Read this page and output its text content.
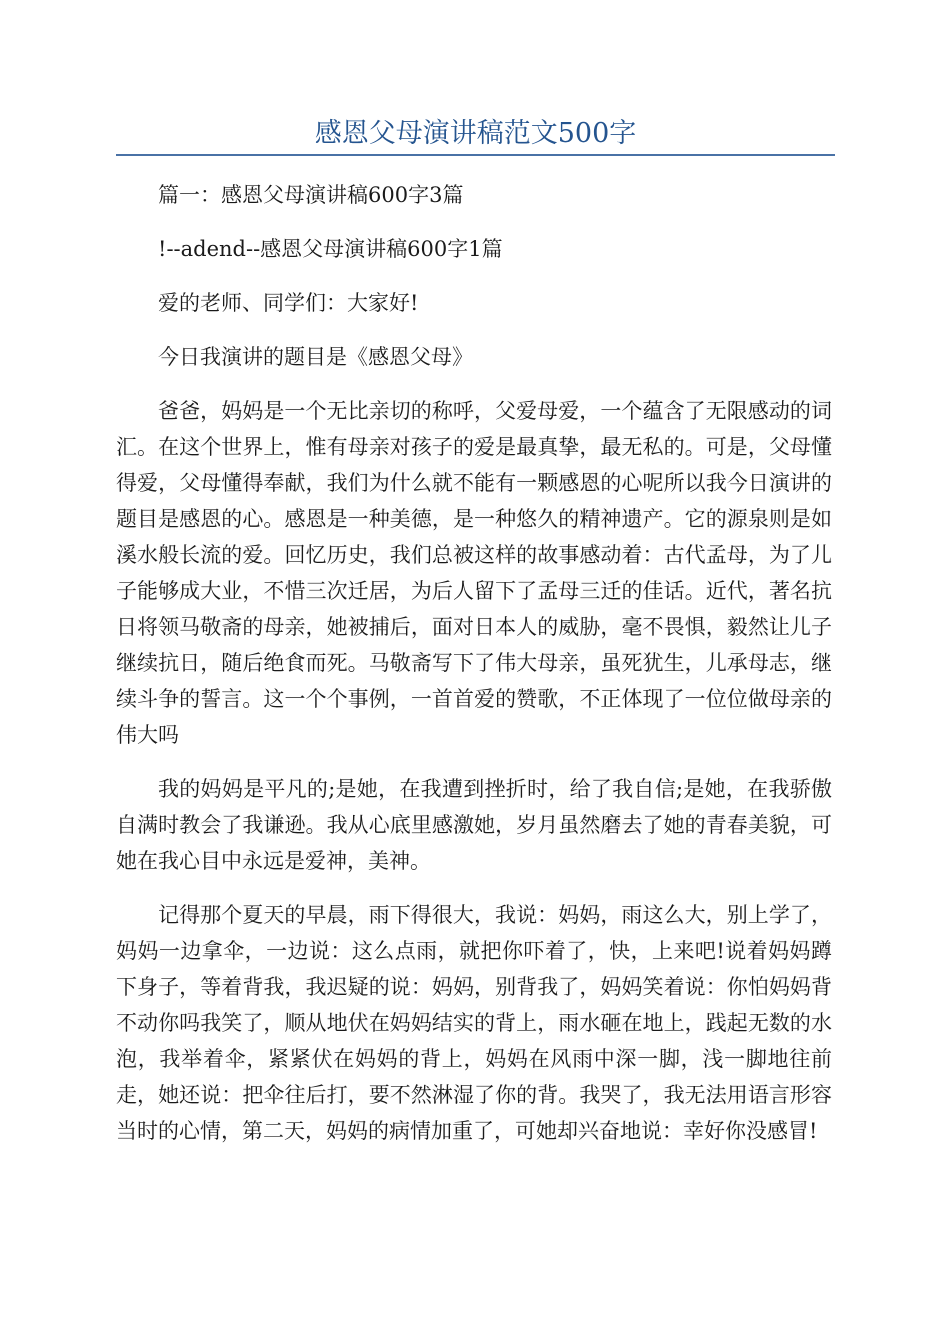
感恩父母演讲稿范文500字

篇一：感恩父母演讲稿600字3篇

!--adend--感恩父母演讲稿600字1篇

爱的老师、同学们：大家好!

今日我演讲的题目是《感恩父母》

爸爸，妈妈是一个无比亲切的称呼，父爱母爱，一个蕴含了无限感动的词汇。在这个世界上，惟有母亲对孩子的爱是最真挚，最无私的。可是，父母懂得爱，父母懂得奉献，我们为什么就不能有一颗感恩的心呢所以我今日演讲的题目是感恩的心。感恩是一种美德，是一种悠久的精神遗产。它的源泉则是如溪水般长流的爱。回忆历史，我们总被这样的故事感动着：古代孟母，为了儿子能够成大业，不惜三次迁居，为后人留下了孟母三迁的佳话。近代，著名抗日将领马敬斋的母亲，她被捕后，面对日本人的威胁，毫不畏惧，毅然让儿子继续抗日，随后绝食而死。马敬斋写下了伟大母亲，虽死犹生，儿承母志，继续斗争的誓言。这一个个事例，一首首爱的赞歌，不正体现了一位位做母亲的伟大吗

我的妈妈是平凡的;是她，在我遭到挫折时，给了我自信;是她，在我骄傲自满时教会了我谦逊。我从心底里感激她，岁月虽然磨去了她的青春美貌，可她在我心目中永远是爱神，美神。

记得那个夏天的早晨，雨下得很大，我说：妈妈，雨这么大，别上学了，妈妈一边拿伞，一边说：这么点雨，就把你吓着了，快，上来吧!说着妈妈蹲下身子，等着背我，我迟疑的说：妈妈，别背我了，妈妈笑着说：你怕妈妈背不动你吗我笑了，顺从地伏在妈妈结实的背上，雨水砸在地上，践起无数的水泡，我举着伞，紧紧伏在妈妈的背上，妈妈在风雨中深一脚，浅一脚地往前走，她还说：把伞往后打，要不然淋湿了你的背。我哭了，我无法用语言形容当时的心情，第二天，妈妈的病情加重了，可她却兴奋地说：幸好你没感冒!
